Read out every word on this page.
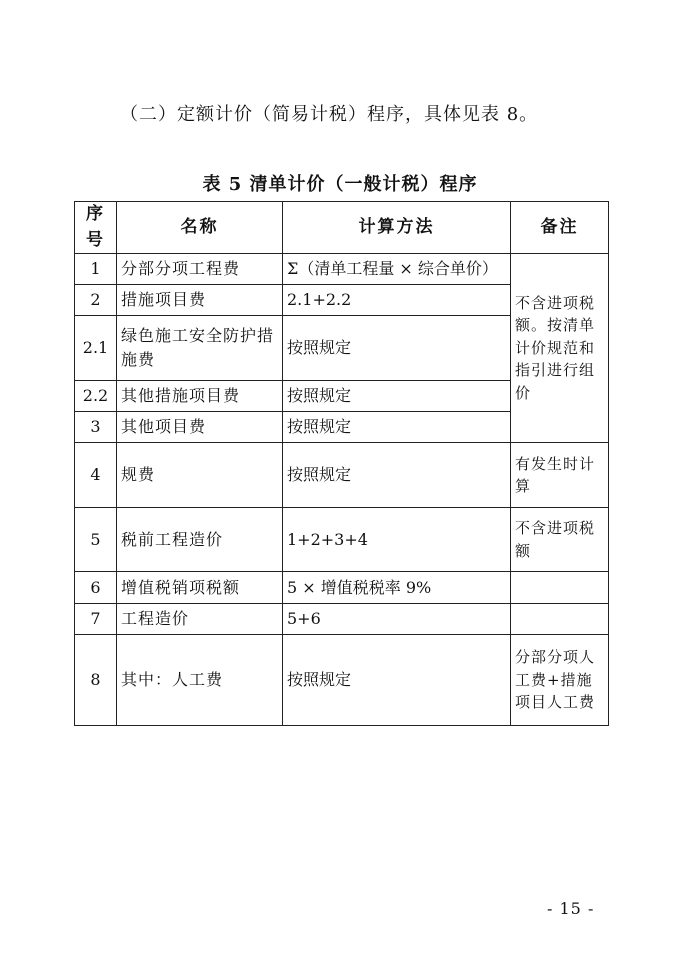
（二）定额计价（简易计税）程序，具体见表 8。
表 5 清单计价（一般计税）程序
序号	名称	计算方法	备注
1	分部分项工程费	Σ（清单工程量 × 综合单价）	不含进项税额。按清单计价规范和指引进行组价
2	措施项目费	2.1+2.2	
2.1	绿色施工安全防护措施费	按照规定	
2.2	其他措施项目费	按照规定	
3	其他项目费	按照规定	
4	规费	按照规定	有发生时计算
5	税前工程造价	1+2+3+4	不含进项税额
6	增值税销项税额	5 × 增值税税率 9%	
7	工程造价	5+6	
8	其中：人工费	按照规定	分部分项人工费+措施项目人工费
- 15 -
